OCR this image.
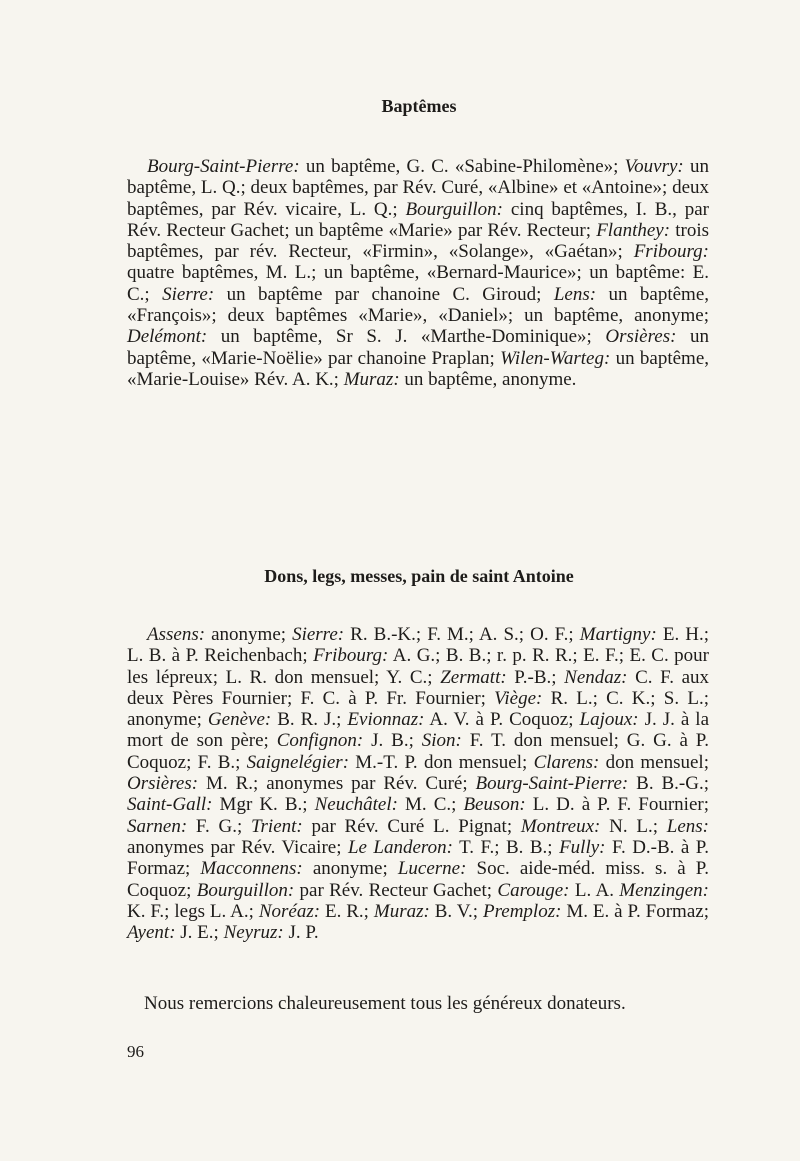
Baptêmes

Bourg-Saint-Pierre: un baptême, G. C. «Sabine-Philomène»; Vouvry: un baptême, L. Q.; deux baptêmes, par Rév. Curé, «Albine» et «Antoine»; deux baptêmes, par Rév. vicaire, L. Q.; Bourguillon: cinq baptêmes, I. B., par Rév. Recteur Gachet; un baptême «Marie» par Rév. Recteur; Flanthey: trois baptêmes, par rév. Recteur, «Firmin», «Solange», «Gaétan»; Fribourg: quatre baptêmes, M. L.; un baptême, «Bernard-Maurice»; un baptême: E. C.; Sierre: un baptême par chanoine C. Giroud; Lens: un baptême, «François»; deux baptêmes «Marie», «Daniel»; un baptême, anonyme; Delémont: un baptême, Sr S. J. «Marthe-Dominique»; Orsières: un baptême, «Marie-Noëlie» par chanoine Praplan; Wilen-Warteg: un baptême, «Marie-Louise» Rév. A. K.; Muraz: un baptême, anonyme.

Dons, legs, messes, pain de saint Antoine

Assens: anonyme; Sierre: R. B.-K.; F. M.; A. S.; O. F.; Martigny: E. H.; L. B. à P. Reichenbach; Fribourg: A. G.; B. B.; r. p. R. R.; E. F.; E. C. pour les lépreux; L. R. don mensuel; Y. C.; Zermatt: P.-B.; Nendaz: C. F. aux deux Pères Fournier; F. C. à P. Fr. Fournier; Viège: R. L.; C. K.; S. L.; anonyme; Genève: B. R. J.; Evionnaz: A. V. à P. Coquoz; Lajoux: J. J. à la mort de son père; Confignon: J. B.; Sion: F. T. don mensuel; G. G. à P. Coquoz; F. B.; Saignelégier: M.-T. P. don mensuel; Clarens: don mensuel; Orsières: M. R.; anonymes par Rév. Curé; Bourg-Saint-Pierre: B. B.-G.; Saint-Gall: Mgr K. B.; Neuchâtel: M. C.; Beuson: L. D. à P. F. Fournier; Sarnen: F. G.; Trient: par Rév. Curé L. Pignat; Montreux: N. L.; Lens: anonymes par Rév. Vicaire; Le Landeron: T. F.; B. B.; Fully: F. D.-B. à P. Formaz; Macconnens: anonyme; Lucerne: Soc. aide-méd. miss. s. à P. Coquoz; Bourguillon: par Rév. Recteur Gachet; Carouge: L. A. Menzingen: K. F.; legs L. A.; Noréaz: E. R.; Muraz: B. V.; Premploz: M. E. à P. Formaz; Ayent: J. E.; Neyruz: J. P.

Nous remercions chaleureusement tous les généreux donateurs.

96
